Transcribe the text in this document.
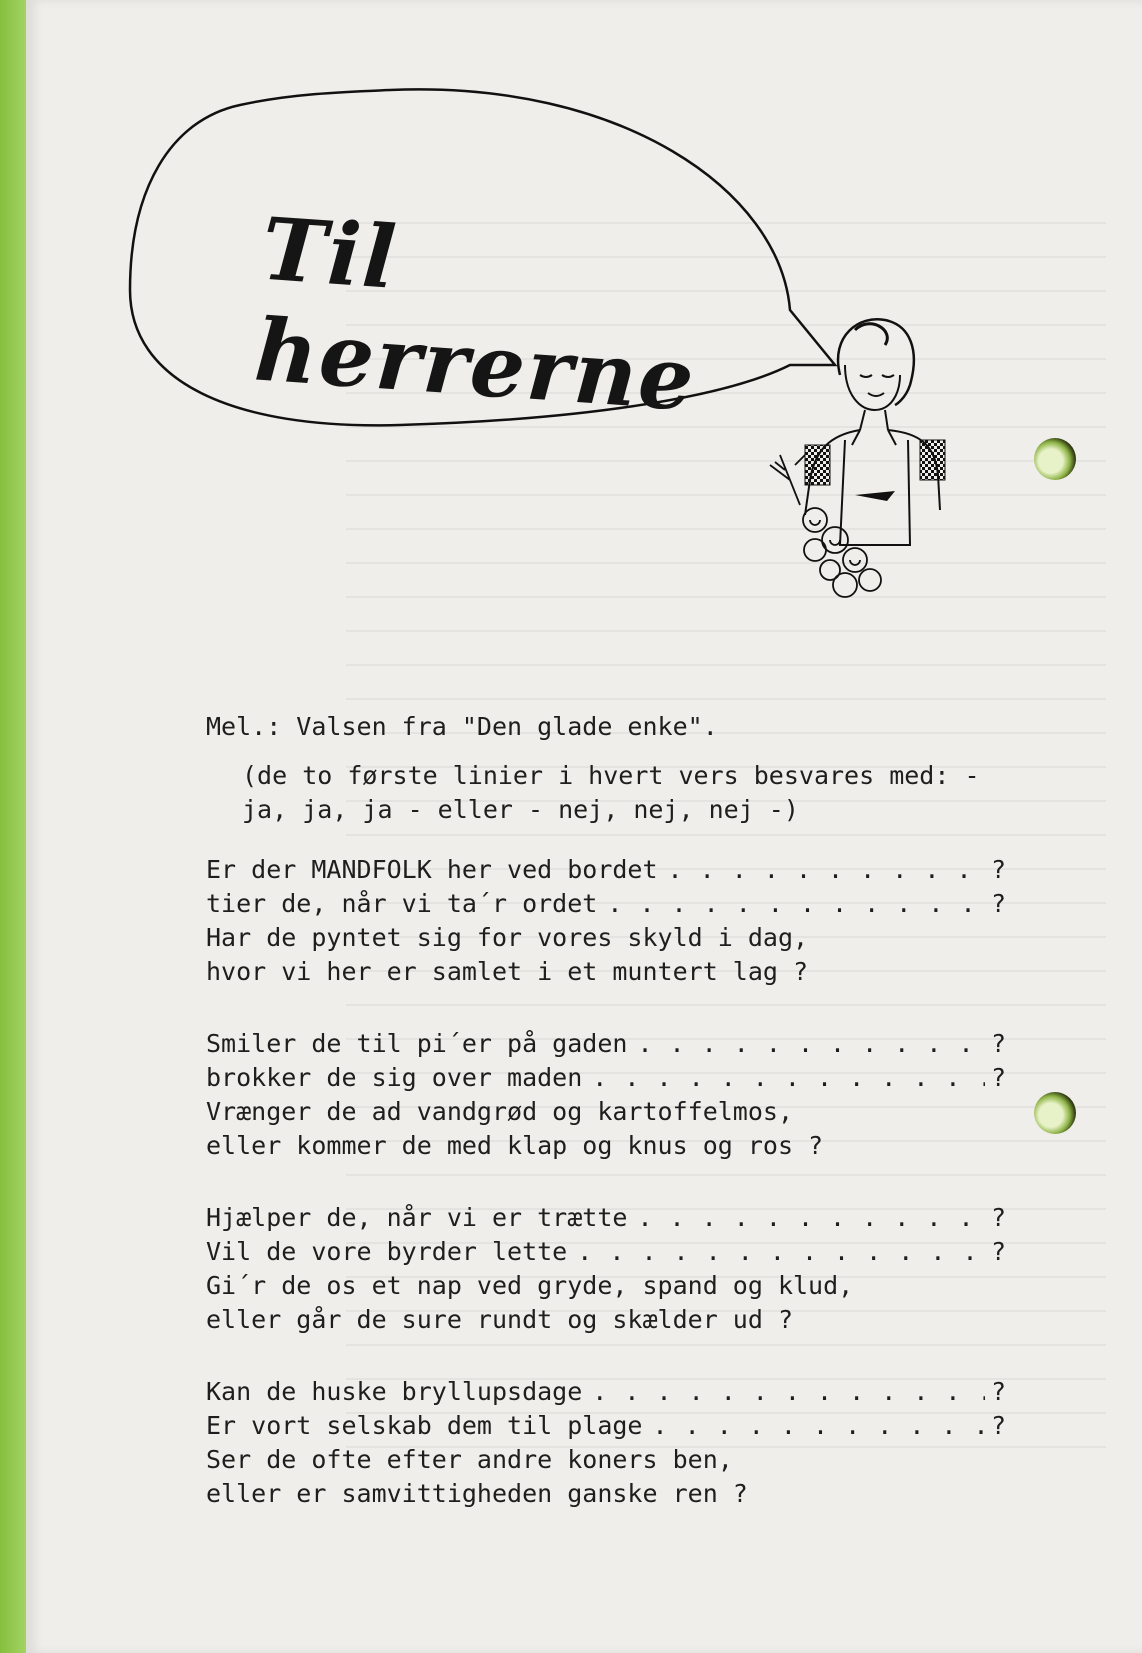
Til herrerne
Mel.: Valsen fra "Den glade enke".
(de to første linier i hvert vers besvares med: - ja, ja, ja - eller - nej, nej, nej -)
Er der MANDFOLK her ved bordet . . .	?
tier de, når vi ta´r ordet . . .	?
Har de pyntet sig for vores skyld i dag,
hvor vi her er samlet i et muntert lag ?
Smiler de til pi´er på gaden . . .	?
brokker de sig over maden . . .	?
Vrænger de ad vandgrød og kartoffelmos,
eller kommer de med klap og knus og ros ?
Hjælper de, når vi er trætte . . .	?
Vil de vore byrder lette . . .	?
Gi´r de os et nap ved gryde, spand og klud,
eller går de sure rundt og skælder ud ?
Kan de huske bryllupsdage . . .	?
Er vort selskab dem til plage . . .	?
Ser de ofte efter andre koners ben,
eller er samvittigheden ganske ren ?
